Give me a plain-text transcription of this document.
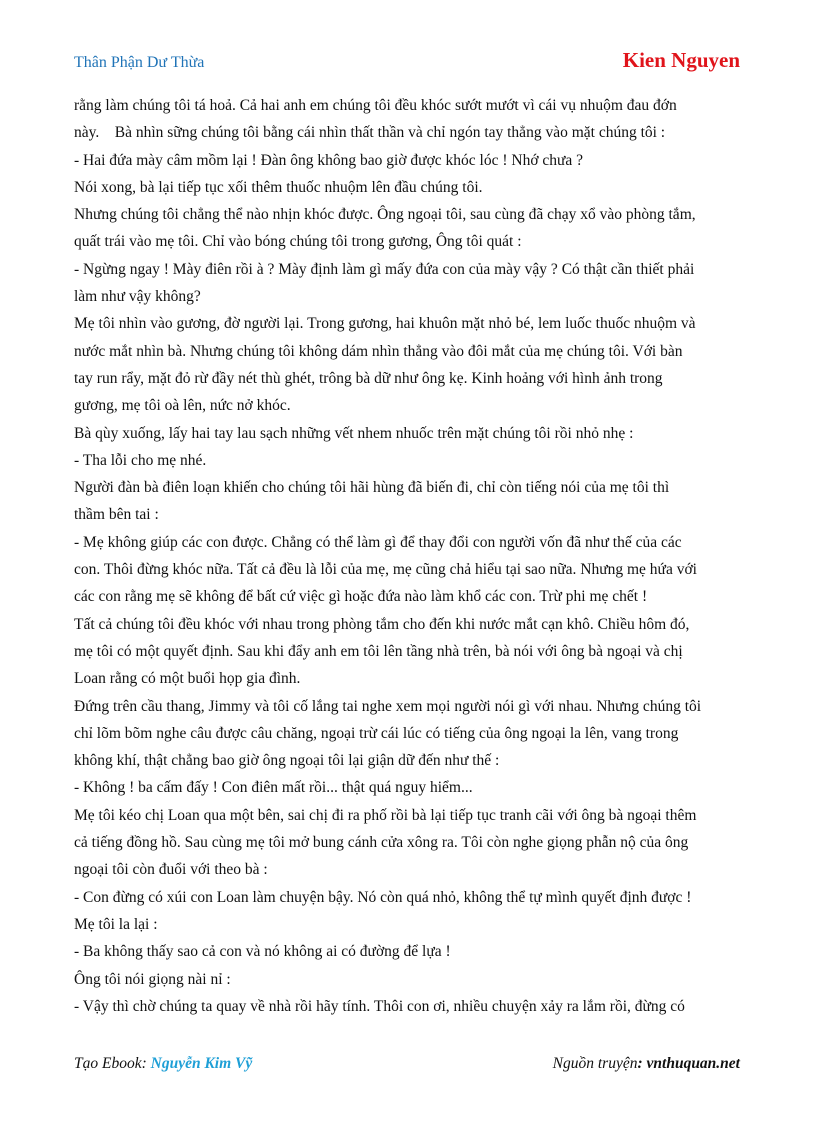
Thân Phận Dư Thừa	Kien Nguyen

rằng làm chúng tôi tá hoả. Cả hai anh em chúng tôi đều khóc sướt mướt vì cái vụ nhuộm đau đớn

này.    Bà nhìn sững chúng tôi bằng cái nhìn thất thần và chỉ ngón tay thẳng vào mặt chúng tôi :

- Hai đứa mày câm mồm lại ! Đàn ông không bao giờ được khóc lóc ! Nhớ chưa ?

Nói xong, bà lại tiếp tục xối thêm thuốc nhuộm lên đầu chúng tôi.

Nhưng chúng tôi chẳng thể nào nhịn khóc được. Ông ngoại tôi, sau cùng đã chạy xổ vào phòng tắm,

quất trái vào mẹ tôi. Chỉ vào bóng chúng tôi trong gương, Ông tôi quát :

- Ngừng ngay ! Mày điên rồi à ? Mày định làm gì mấy đứa con của mày vậy ? Có thật cần thiết phải

làm như vậy không?

Mẹ tôi nhìn vào gương, đờ người lại. Trong gương, hai khuôn mặt nhỏ bé, lem luốc thuốc nhuộm và

nước mắt nhìn bà. Nhưng chúng tôi không dám nhìn thẳng vào đôi mắt của mẹ chúng tôi. Với bàn

tay run rẩy, mặt đỏ rừ đầy nét thù ghét, trông bà dữ như ông kẹ. Kinh hoảng với hình ảnh trong

gương, mẹ tôi oà lên, nức nở khóc.

Bà qùy xuống, lấy hai tay lau sạch những vết nhem nhuốc trên mặt chúng tôi rồi nhỏ nhẹ :

- Tha lỗi cho mẹ nhé.

Người đàn bà điên loạn khiến cho chúng tôi hãi hùng đã biến đi, chỉ còn tiếng nói của mẹ tôi thì

thầm bên tai :

- Mẹ không giúp các con được. Chẳng có thể làm gì để thay đổi con người vốn đã như thế của các

con. Thôi đừng khóc nữa. Tất cả đều là lỗi của mẹ, mẹ cũng chả hiểu tại sao nữa. Nhưng mẹ hứa với

các con rằng mẹ sẽ không để bất cứ việc gì hoặc đứa nào làm khổ các con. Trừ phi mẹ chết !

Tất cả chúng tôi đều khóc với nhau trong phòng tắm cho đến khi nước mắt cạn khô. Chiều hôm đó,

mẹ tôi có một quyết định. Sau khi đẩy anh em tôi lên tầng nhà trên, bà nói với ông bà ngoại và chị

Loan rằng có một buổi họp gia đình.

Đứng trên cầu thang, Jimmy và tôi cố lắng tai nghe xem mọi người nói gì với nhau. Nhưng chúng tôi

chỉ lõm bõm nghe câu được câu chăng, ngoại trừ cái lúc có tiếng của ông ngoại la lên, vang trong

không khí, thật chẳng bao giờ ông ngoại tôi lại giận dữ đến như thế :

- Không ! ba cấm đấy ! Con điên mất rồi... thật quá nguy hiểm...

Mẹ tôi kéo chị Loan qua một bên, sai chị đi ra phố rồi bà lại tiếp tục tranh cãi với ông bà ngoại thêm

cả tiếng đồng hồ. Sau cùng mẹ tôi mở bung cánh cửa xông ra. Tôi còn nghe giọng phẫn nộ của ông

ngoại tôi còn đuổi với theo bà :

- Con đừng có xúi con Loan làm chuyện bậy. Nó còn quá nhỏ, không thể tự mình quyết định được !

Mẹ tôi la lại :

- Ba không thấy sao cả con và nó không ai có đường để lựa !

Ông tôi nói giọng nài nỉ :

- Vậy thì chờ chúng ta quay về nhà rồi hãy tính. Thôi con ơi, nhiều chuyện xảy ra lắm rồi, đừng có

Tạo Ebook: Nguyễn Kim Vỹ	Nguồn truyện: vnthuquan.net
